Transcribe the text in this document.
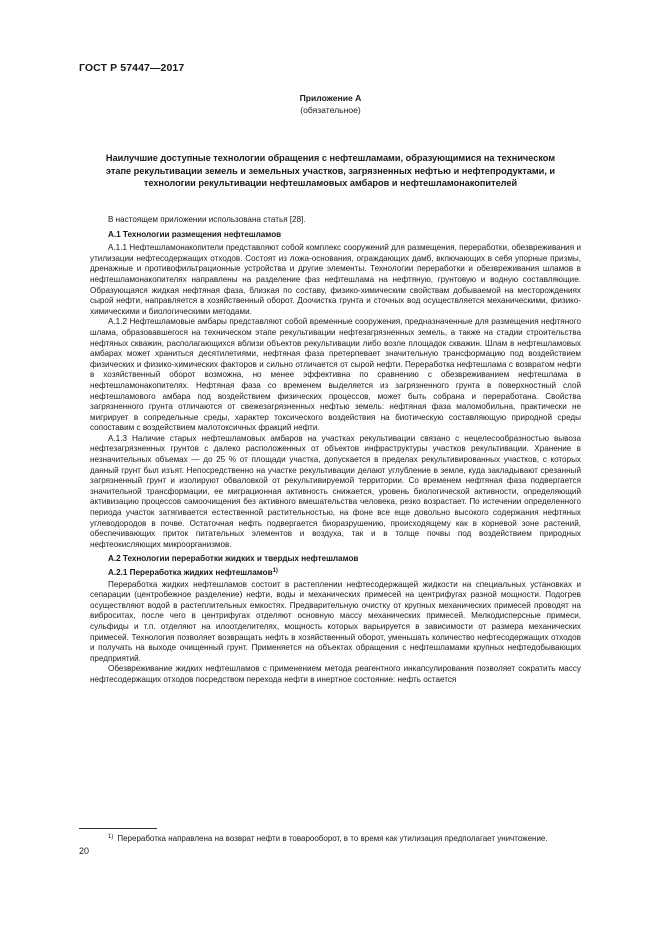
ГОСТ Р 57447—2017
Приложение А
(обязательное)
Наилучшие доступные технологии обращения с нефтешламами, образующимися на техническом этапе рекультивации земель и земельных участков, загрязненных нефтью и нефтепродуктами, и технологии рекультивации нефтешламовых амбаров и нефтешламонакопителей

В настоящем приложении использована статья [28].

А.1 Технологии размещения нефтешламов

А.1.1 Нефтешламонакопители представляют собой комплекс сооружений для размещения, переработки, обезвреживания и утилизации нефтесодержащих отходов. Состоят из ложа-основания, ограждающих дамб, включающих в себя упорные призмы, дренажные и противофильтрационные устройства и другие элементы. Технологии переработки и обезвреживания шламов в нефтешламонакопителях направлены на разделение фаз нефтешлама на нефтяную, грунтовую и водную составляющие. Образующаяся жидкая нефтяная фаза, близкая по составу, физико-химическим свойствам добываемой на месторождениях сырой нефти, направляется в хозяйственный оборот. Доочистка грунта и сточных вод осуществляется механическими, физико-химическими и биологическими методами.

А.1.2 Нефтешламовые амбары представляют собой временные сооружения, предназначенные для размещения нефтяного шлама, образовавшегося на техническом этапе рекультивации нефтезагрязненных земель, а также на стадии строительства нефтяных скважин, располагающихся вблизи объектов рекультивации либо возле площадок скважин. Шлам в нефтешламовых амбарах может храниться десятилетиями, нефтяная фаза претерпевает значительную трансформацию под воздействием физических и физико-химических факторов и сильно отличается от сырой нефти. Переработка нефтешлама с возвратом нефти в хозяйственный оборот возможна, но менее эффективна по сравнению с обезвреживанием нефтешлама в нефтешламонакопителях. Нефтяная фаза со временем выделяется из загрязненного грунта в поверхностный слой нефтешламового амбара под воздействием физических процессов, может быть собрана и переработана. Свойства загрязненного грунта отличаются от свежезагрязненных нефтью земель: нефтяная фаза маломобильна, практически не мигрирует в сопредельные среды, характер токсического воздействия на биотическую составляющую природной среды сопоставим с воздействием малотоксичных фракций нефти.

А.1.3 Наличие старых нефтешламовых амбаров на участках рекультивации связано с нецелесообразностью вывоза нефтезагрязненных грунтов с далеко расположенных от объектов инфраструктуры участков рекультивации. Хранение в незначительных объемах — до 25 % от площади участка, допускается в пределах рекультивированных участков, с которых данный грунт был изъят. Непосредственно на участке рекультивации делают углубление в земле, куда закладывают срезанный загрязненный грунт и изолируют обваловкой от рекультивируемой территории. Со временем нефтяная фаза подвергается значительной трансформации, ее миграционная активность снижается, уровень биологической активности, определяющий активизацию процессов самоочищения без активного вмешательства человека, резко возрастает. По истечении определенного периода участок затягивается естественной растительностью, на фоне все еще довольно высокого содержания нефтяных углеводородов в почве. Остаточная нефть подвергается биоразрушению, происходящему как в корневой зоне растений, обеспечивающих приток питательных элементов и воздуха, так и в толще почвы под воздействием природных нефтеокисляющих микроорганизмов.

А.2 Технологии переработки жидких и твердых нефтешламов

А.2.1 Переработка жидких нефтешламов$^{1)}$

Переработка жидких нефтешламов состоит в растеплении нефтесодержащей жидкости на специальных установках и сепарации (центробежное разделение) нефти, воды и механических примесей на центрифугах разной мощности. Подогрев осуществляют водой в растеплительных емкостях. Предварительную очистку от крупных механических примесей проводят на виброситах, после чего в центрифугах отделяют основную массу механических примесей. Мелкодисперсные примеси, сульфиды и т.п. отделяют на илоотделителях, мощность которых варьируется в зависимости от размера механических примесей. Технология позволяет возвращать нефть в хозяйственный оборот, уменьшать количество нефтесодержащих отходов и получать на выходе очищенный грунт. Применяется на объектах обращения с нефтешламами крупных нефтедобывающих предприятий.

Обезвреживание жидких нефтешламов с применением метода реагентного инкапсулирования позволяет сократить массу нефтесодержащих отходов посредством перехода нефти в инертное состояние: нефть остается

$^{1)}$ Переработка направлена на возврат нефти в товарооборот, в то время как утилизация предполагает уничтожение.
20
